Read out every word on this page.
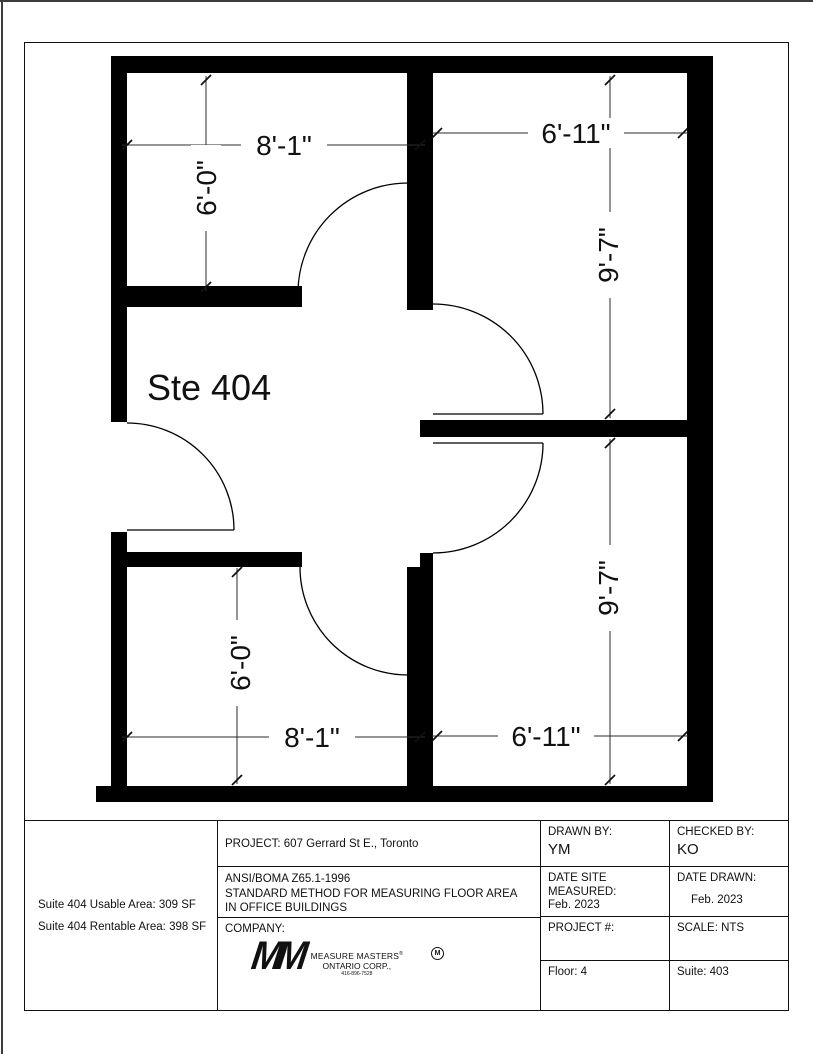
8'-1"	6'-11"
8'-1"	6'-11"
6'-0"
9'-7"
9'-7"
6'-0"
Ste 404
Suite 404 Usable Area: 309 SF
Suite 404 Rentable Area: 398 SF
PROJECT: 607 Gerrard St E., Toronto
ANSI/BOMA Z65.1-1996
STANDARD METHOD FOR MEASURING FLOOR AREA
IN OFFICE BUILDINGS
COMPANY:
MM MEASURE MASTERS®
ONTARIO CORP.,
416-896-7528
M
DRAWN BY:
YM
DATE SITE MEASURED:
Feb. 2023
PROJECT #:
Floor: 4
CHECKED BY:
KO
DATE DRAWN:
Feb. 2023
SCALE: NTS
Suite: 403
